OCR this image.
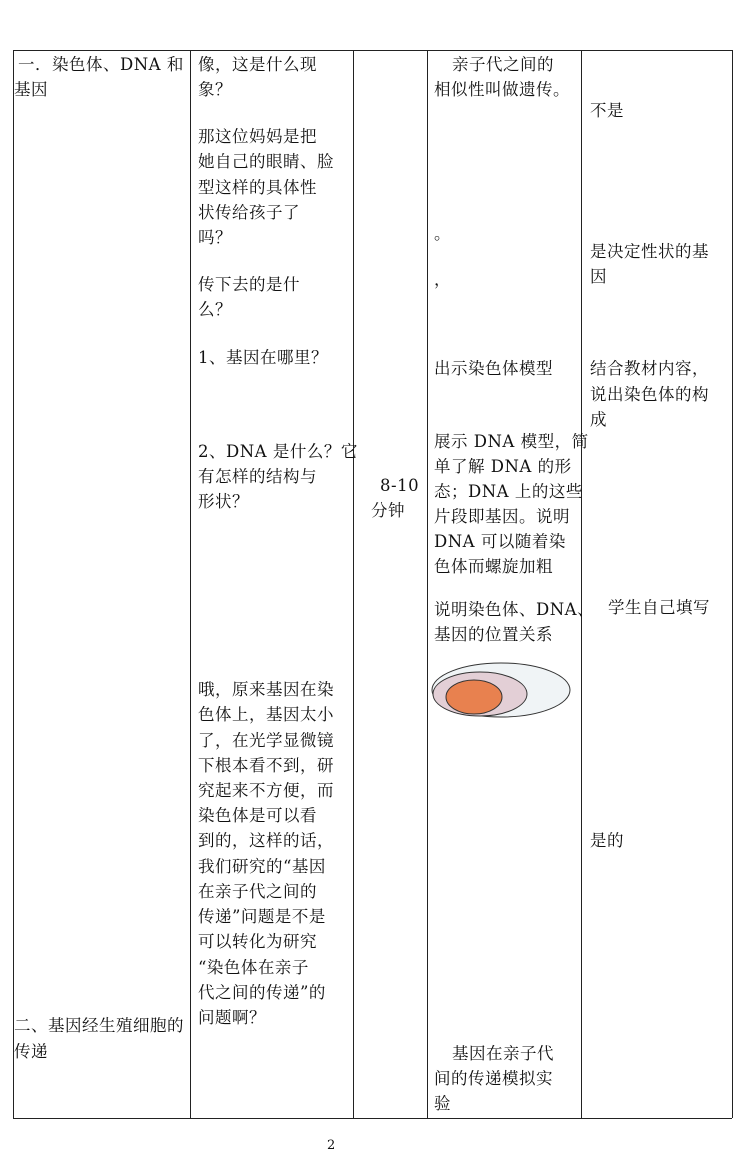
一．染色体、DNA 和
基因
二、基因经生殖细胞的
传递
像，这是什么现
象？
那这位妈妈是把
她自己的眼睛、脸
型这样的具体性
状传给孩子了
吗？
传下去的是什
么？
1、基因在哪里？
2、DNA 是什么？它
有怎样的结构与
形状？
哦，原来基因在染
色体上，基因太小
了，在光学显微镜
下根本看不到，研
究起来不方便，而
染色体是可以看
到的，这样的话，
我们研究的“基因
在亲子代之间的
传递”问题是不是
可以转化为研究
“染色体在亲子
代之间的传递”的
问题啊？
8-10
分钟
亲子代之间的
相似性叫做遗传。
。
，
出示染色体模型
展示 DNA 模型，简
单了解 DNA 的形
态；DNA 上的这些
片段即基因。说明
DNA 可以随着染
色体而螺旋加粗
说明染色体、DNA、
基因的位置关系
基因在亲子代
间的传递模拟实
验
不是
是决定性状的基
因
结合教材内容，
说出染色体的构
成
学生自己填写
是的
2
